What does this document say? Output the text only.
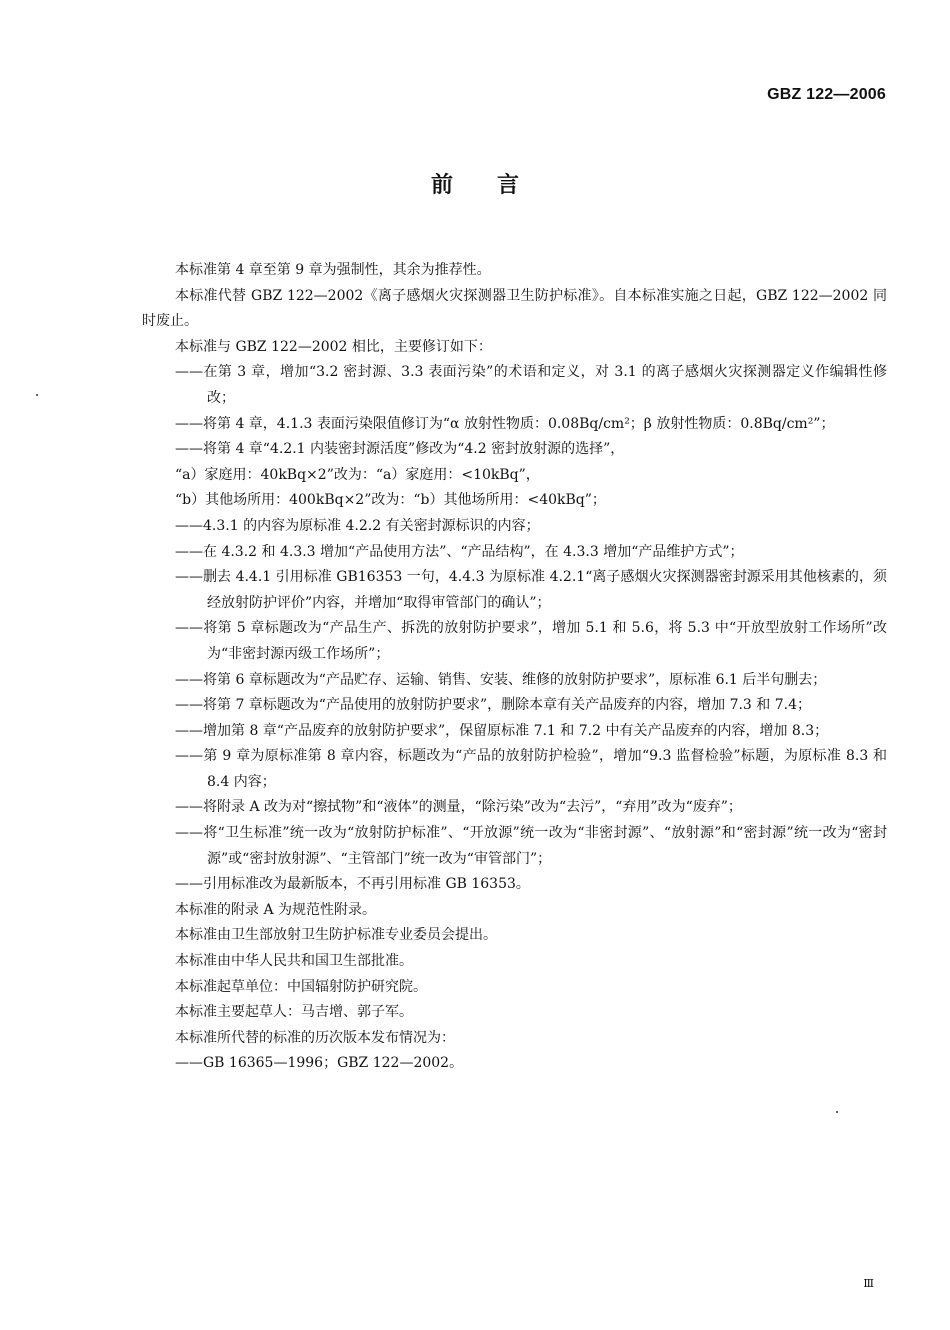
GBZ 122—2006
前言

本标准第 4 章至第 9 章为强制性，其余为推荐性。

本标准代替 GBZ 122—2002《离子感烟火灾探测器卫生防护标准》。自本标准实施之日起，GBZ 122—2002 同时废止。

本标准与 GBZ 122—2002 相比，主要修订如下：

——在第 3 章，增加“3.2 密封源、3.3 表面污染”的术语和定义，对 3.1 的离子感烟火灾探测器定义作编辑性修改；

——将第 4 章，4.1.3 表面污染限值修订为“α 放射性物质：0.08Bq/cm²；β 放射性物质：0.8Bq/cm²”；

——将第 4 章“4.2.1 内装密封源活度”修改为“4.2 密封放射源的选择”，

“a）家庭用：40kBq×2”改为：“a）家庭用：<10kBq”，

“b）其他场所用：400kBq×2”改为：“b）其他场所用：<40kBq”；

——4.3.1 的内容为原标准 4.2.2 有关密封源标识的内容；

——在 4.3.2 和 4.3.3 增加“产品使用方法”、“产品结构”，在 4.3.3 增加“产品维护方式”；

——删去 4.4.1 引用标准 GB16353 一句，4.4.3 为原标准 4.2.1“离子感烟火灾探测器密封源采用其他核素的，须经放射防护评价”内容，并增加“取得审管部门的确认”；

——将第 5 章标题改为“产品生产、拆洗的放射防护要求”，增加 5.1 和 5.6，将 5.3 中“开放型放射工作场所”改为“非密封源丙级工作场所”；

——将第 6 章标题改为“产品贮存、运输、销售、安装、维修的放射防护要求”，原标准 6.1 后半句删去；

——将第 7 章标题改为“产品使用的放射防护要求”，删除本章有关产品废弃的内容，增加 7.3 和 7.4；

——增加第 8 章“产品废弃的放射防护要求”，保留原标准 7.1 和 7.2 中有关产品废弃的内容，增加 8.3；

——第 9 章为原标准第 8 章内容，标题改为“产品的放射防护检验”，增加“9.3 监督检验”标题，为原标准 8.3 和 8.4 内容；

——将附录 A 改为对“擦拭物”和“液体”的测量，“除污染”改为“去污”，“弃用”改为“废弃”；

——将“卫生标准”统一改为“放射防护标准”、“开放源”统一改为“非密封源”、“放射源”和“密封源”统一改为“密封源”或“密封放射源”、“主管部门”统一改为“审管部门”；

——引用标准改为最新版本，不再引用标准 GB 16353。

本标准的附录 A 为规范性附录。

本标准由卫生部放射卫生防护标准专业委员会提出。

本标准由中华人民共和国卫生部批准。

本标准起草单位：中国辐射防护研究院。

本标准主要起草人：马吉增、郭子军。

本标准所代替的标准的历次版本发布情况为：

——GB 16365—1996；GBZ 122—2002。

Ⅲ
